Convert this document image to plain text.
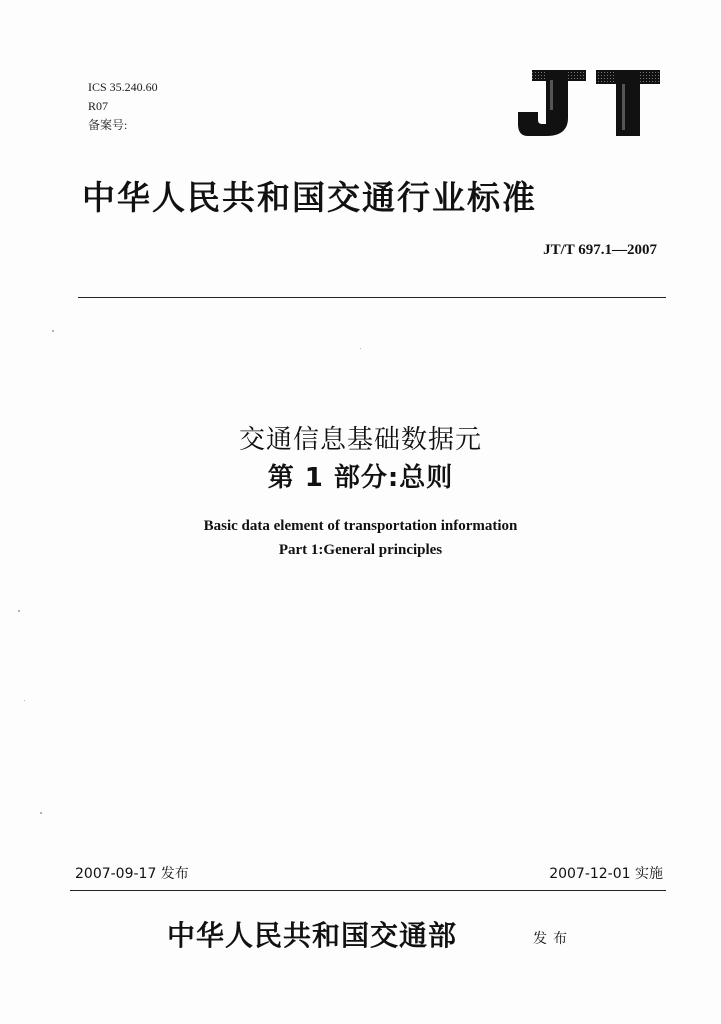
ICS 35.240.60
R07
备案号:
中华人民共和国交通行业标准
JT/T 697.1—2007
交通信息基础数据元
第 1 部分:总则
Basic data element of transportation information
Part 1:General principles
2007-09-17 发布	2007-12-01 实施
中华人民共和国交通部	发布
